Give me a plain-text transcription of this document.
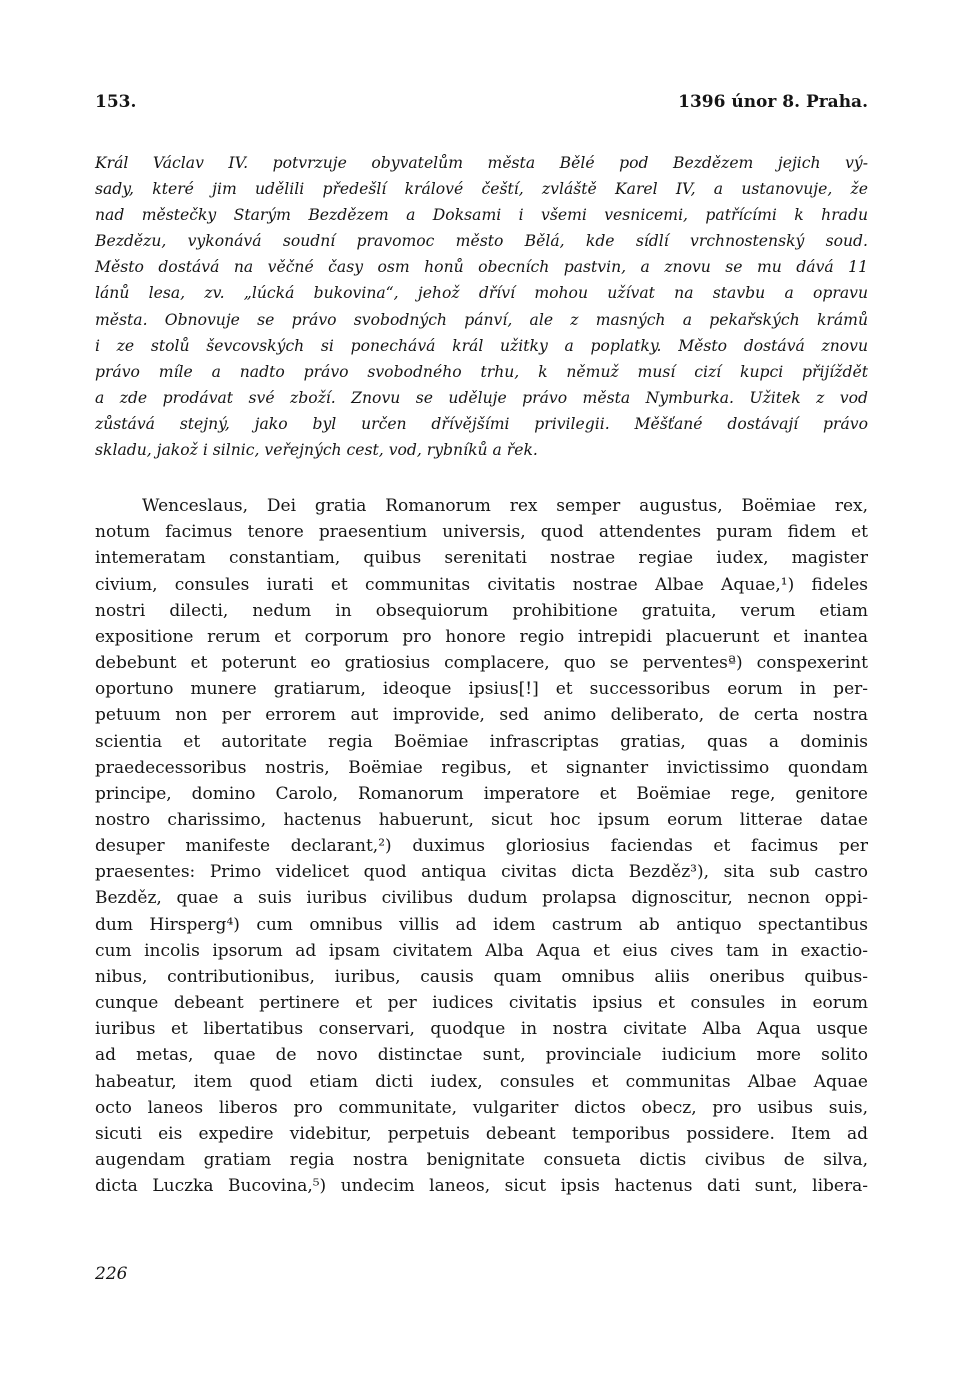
153.	1396 únor 8. Praha.
Král Václav IV. potvrzuje obyvatelům města Bělé pod Bezdězem jejich vý-
sady, které jim udělili předešlí králové čeští, zvláště Karel IV, a ustanovuje, že
nad městečky Starým Bezdězem a Doksami i všemi vesnicemi, patřícími k hradu
Bezdězu, vykonává soudní pravomoc město Bělá, kde sídlí vrchnostenský soud.
Město dostává na věčné časy osm honů obecních pastvin, a znovu se mu dává 11
lánů lesa, zv. „lúcká bukovina“, jehož dříví mohou užívat na stavbu a opravu
města. Obnovuje se právo svobodných pánví, ale z masných a pekařských krámů
i ze stolů ševcovských si ponechává král užitky a poplatky. Město dostává znovu
právo míle a nadto právo svobodného trhu, k němuž musí cizí kupci přijíždět
a zde prodávat své zboží. Znovu se uděluje právo města Nymburka. Užitek z vod
zůstává stejný, jako byl určen dřívějšími privilegii. Měšťané dostávají právo
skladu, jakož i silnic, veřejných cest, vod, rybníků a řek.
Wenceslaus, Dei gratia Romanorum rex semper augustus, Boëmiae rex,
notum facimus tenore praesentium universis, quod attendentes puram fidem et
intemeratam constantiam, quibus serenitati nostrae regiae iudex, magister
civium, consules iurati et communitas civitatis nostrae Albae Aquae,¹) fideles
nostri dilecti, nedum in obsequiorum prohibitione gratuita, verum etiam
expositione rerum et corporum pro honore regio intrepidi placuerunt et inantea
debebunt et poterunt eo gratiosius complacere, quo se perventesª) conspexerint
oportuno munere gratiarum, ideoque ipsius[!] et successoribus eorum in per-
petuum non per errorem aut improvide, sed animo deliberato, de certa nostra
scientia et autoritate regia Boëmiae infrascriptas gratias, quas a dominis
praedecessoribus nostris, Boëmiae regibus, et signanter invictissimo quondam
principe, domino Carolo, Romanorum imperatore et Boëmiae rege, genitore
nostro charissimo, hactenus habuerunt, sicut hoc ipsum eorum litterae datae
desuper manifeste declarant,²) duximus gloriosius faciendas et facimus per
praesentes: Primo videlicet quod antiqua civitas dicta Bezděz³), sita sub castro
Bezděz, quae a suis iuribus civilibus dudum prolapsa dignoscitur, necnon oppi-
dum Hirsperg⁴) cum omnibus villis ad idem castrum ab antiquo spectantibus
cum incolis ipsorum ad ipsam civitatem Alba Aqua et eius cives tam in exactio-
nibus, contributionibus, iuribus, causis quam omnibus aliis oneribus quibus-
cunque debeant pertinere et per iudices civitatis ipsius et consules in eorum
iuribus et libertatibus conservari, quodque in nostra civitate Alba Aqua usque
ad metas, quae de novo distinctae sunt, provinciale iudicium more solito
habeatur, item quod etiam dicti iudex, consules et communitas Albae Aquae
octo laneos liberos pro communitate, vulgariter dictos obecz, pro usibus suis,
sicuti eis expedire videbitur, perpetuis debeant temporibus possidere. Item ad
augendam gratiam regia nostra benignitate consueta dictis civibus de silva,
dicta Luczka Bucovina,⁵) undecim laneos, sicut ipsis hactenus dati sunt, libera-
226
